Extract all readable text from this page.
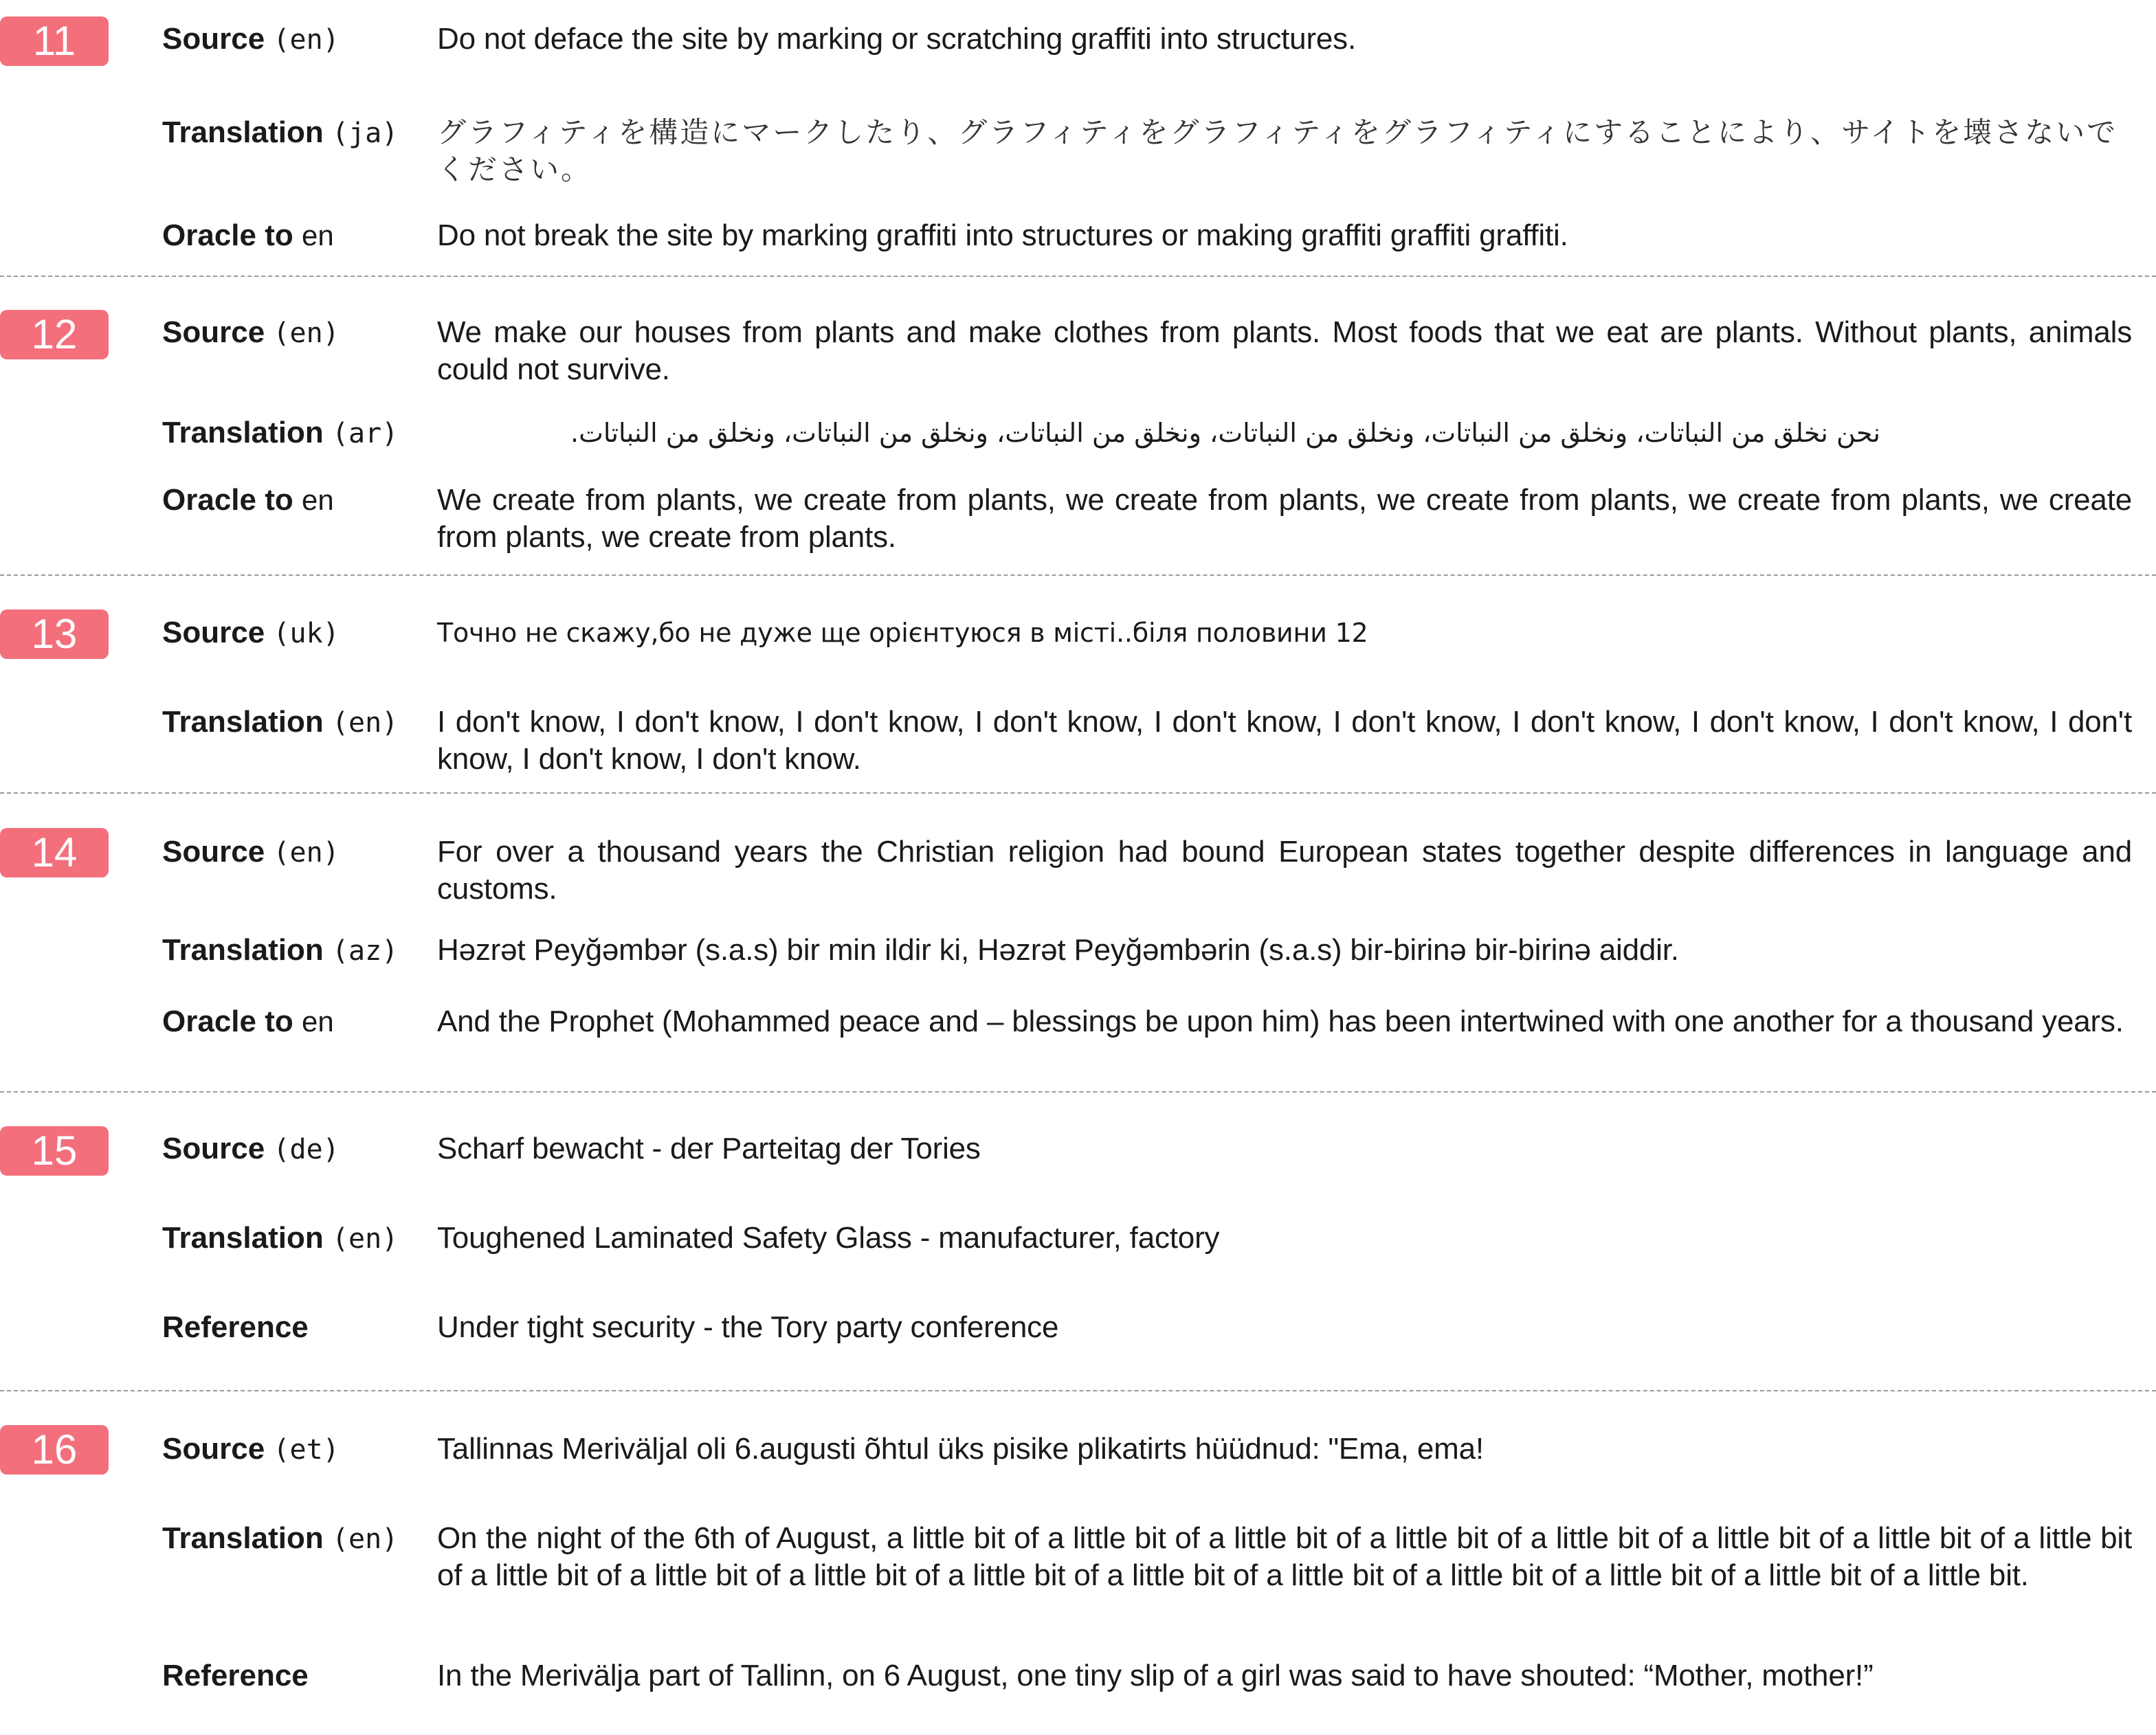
11	Source (en)	Do not deface the site by marking or scratching graffiti into structures.
Translation (ja)	グラフィティを構造にマークしたり、グラフィティをグラフィティをグラフィティにすることにより、サイトを壊さないでください。
Oracle to en	Do not break the site by marking graffiti into structures or making graffiti graffiti graffiti.
12	Source (en)	We make our houses from plants and make clothes from plants. Most foods that we eat are plants. Without plants, animals could not survive.
Translation (ar)	نحن نخلق من النباتات، ونخلق من النباتات، ونخلق من النباتات، ونخلق من النباتات، ونخلق من النباتات، ونخلق من النباتات.
Oracle to en	We create from plants, we create from plants, we create from plants, we create from plants, we create from plants, we create from plants, we create from plants.
13	Source (uk)	Точно не скажу,бо не дуже ще орієнтуюся в місті..біля половини 12
Translation (en)	I don't know, I don't know, I don't know, I don't know, I don't know, I don't know, I don't know, I don't know, I don't know, I don't know, I don't know, I don't know.
14	Source (en)	For over a thousand years the Christian religion had bound European states together despite differences in language and customs.
Translation (az)	Həzrət Peyğəmbər (s.a.s) bir min ildir ki, Həzrət Peyğəmbərin (s.a.s) bir-birinə bir-birinə aiddir.
Oracle to en	And the Prophet (Mohammed peace and – blessings be upon him) has been intertwined with one another for a thousand years.
15	Source (de)	Scharf bewacht - der Parteitag der Tories
Translation (en)	Toughened Laminated Safety Glass - manufacturer, factory
Reference	Under tight security - the Tory party conference
16	Source (et)	Tallinnas Meriväljal oli 6.augusti õhtul üks pisike plikatirts hüüdnud: "Ema, ema!
Translation (en)	On the night of the 6th of August, a little bit of a little bit of a little bit of a little bit of a little bit of a little bit of a little bit of a little bit of a little bit of a little bit of a little bit of a little bit of a little bit of a little bit of a little bit of a little bit of a little bit of a little bit.
Reference	In the Merivälja part of Tallinn, on 6 August, one tiny slip of a girl was said to have shouted: “Mother, mother!”
